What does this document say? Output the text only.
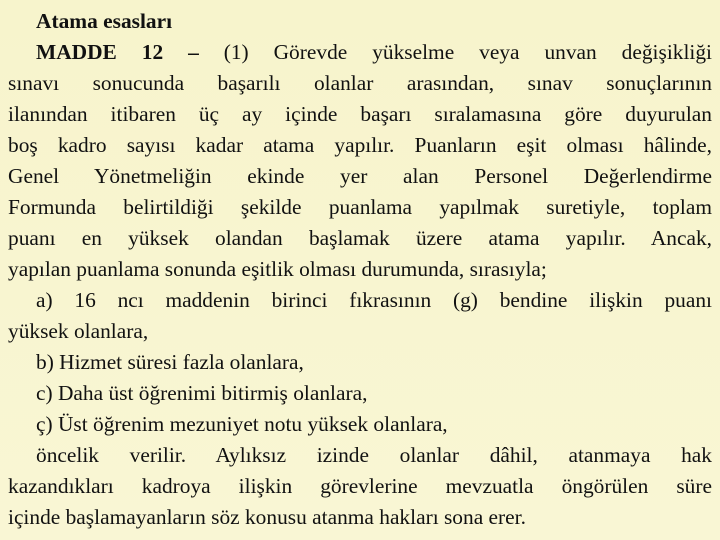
Atama esasları

MADDE 12 – (1) Görevde yükselme veya unvan değişikliği

sınavı sonucunda başarılı olanlar arasından, sınav sonuçlarının

ilanından itibaren üç ay içinde başarı sıralamasına göre duyurulan

boş kadro sayısı kadar atama yapılır. Puanların eşit olması hâlinde,

Genel Yönetmeliğin ekinde yer alan Personel Değerlendirme

Formunda belirtildiği şekilde puanlama yapılmak suretiyle, toplam

puanı en yüksek olandan başlamak üzere atama yapılır. Ancak,

yapılan puanlama sonunda eşitlik olması durumunda, sırasıyla;

a) 16 ncı maddenin birinci fıkrasının (g) bendine ilişkin puanı

yüksek olanlara,

b) Hizmet süresi fazla olanlara,

c) Daha üst öğrenimi bitirmiş olanlara,

ç) Üst öğrenim mezuniyet notu yüksek olanlara,

öncelik verilir. Aylıksız izinde olanlar dâhil, atanmaya hak

kazandıkları kadroya ilişkin görevlerine mevzuatla öngörülen süre

içinde başlamayanların söz konusu atanma hakları sona erer.
